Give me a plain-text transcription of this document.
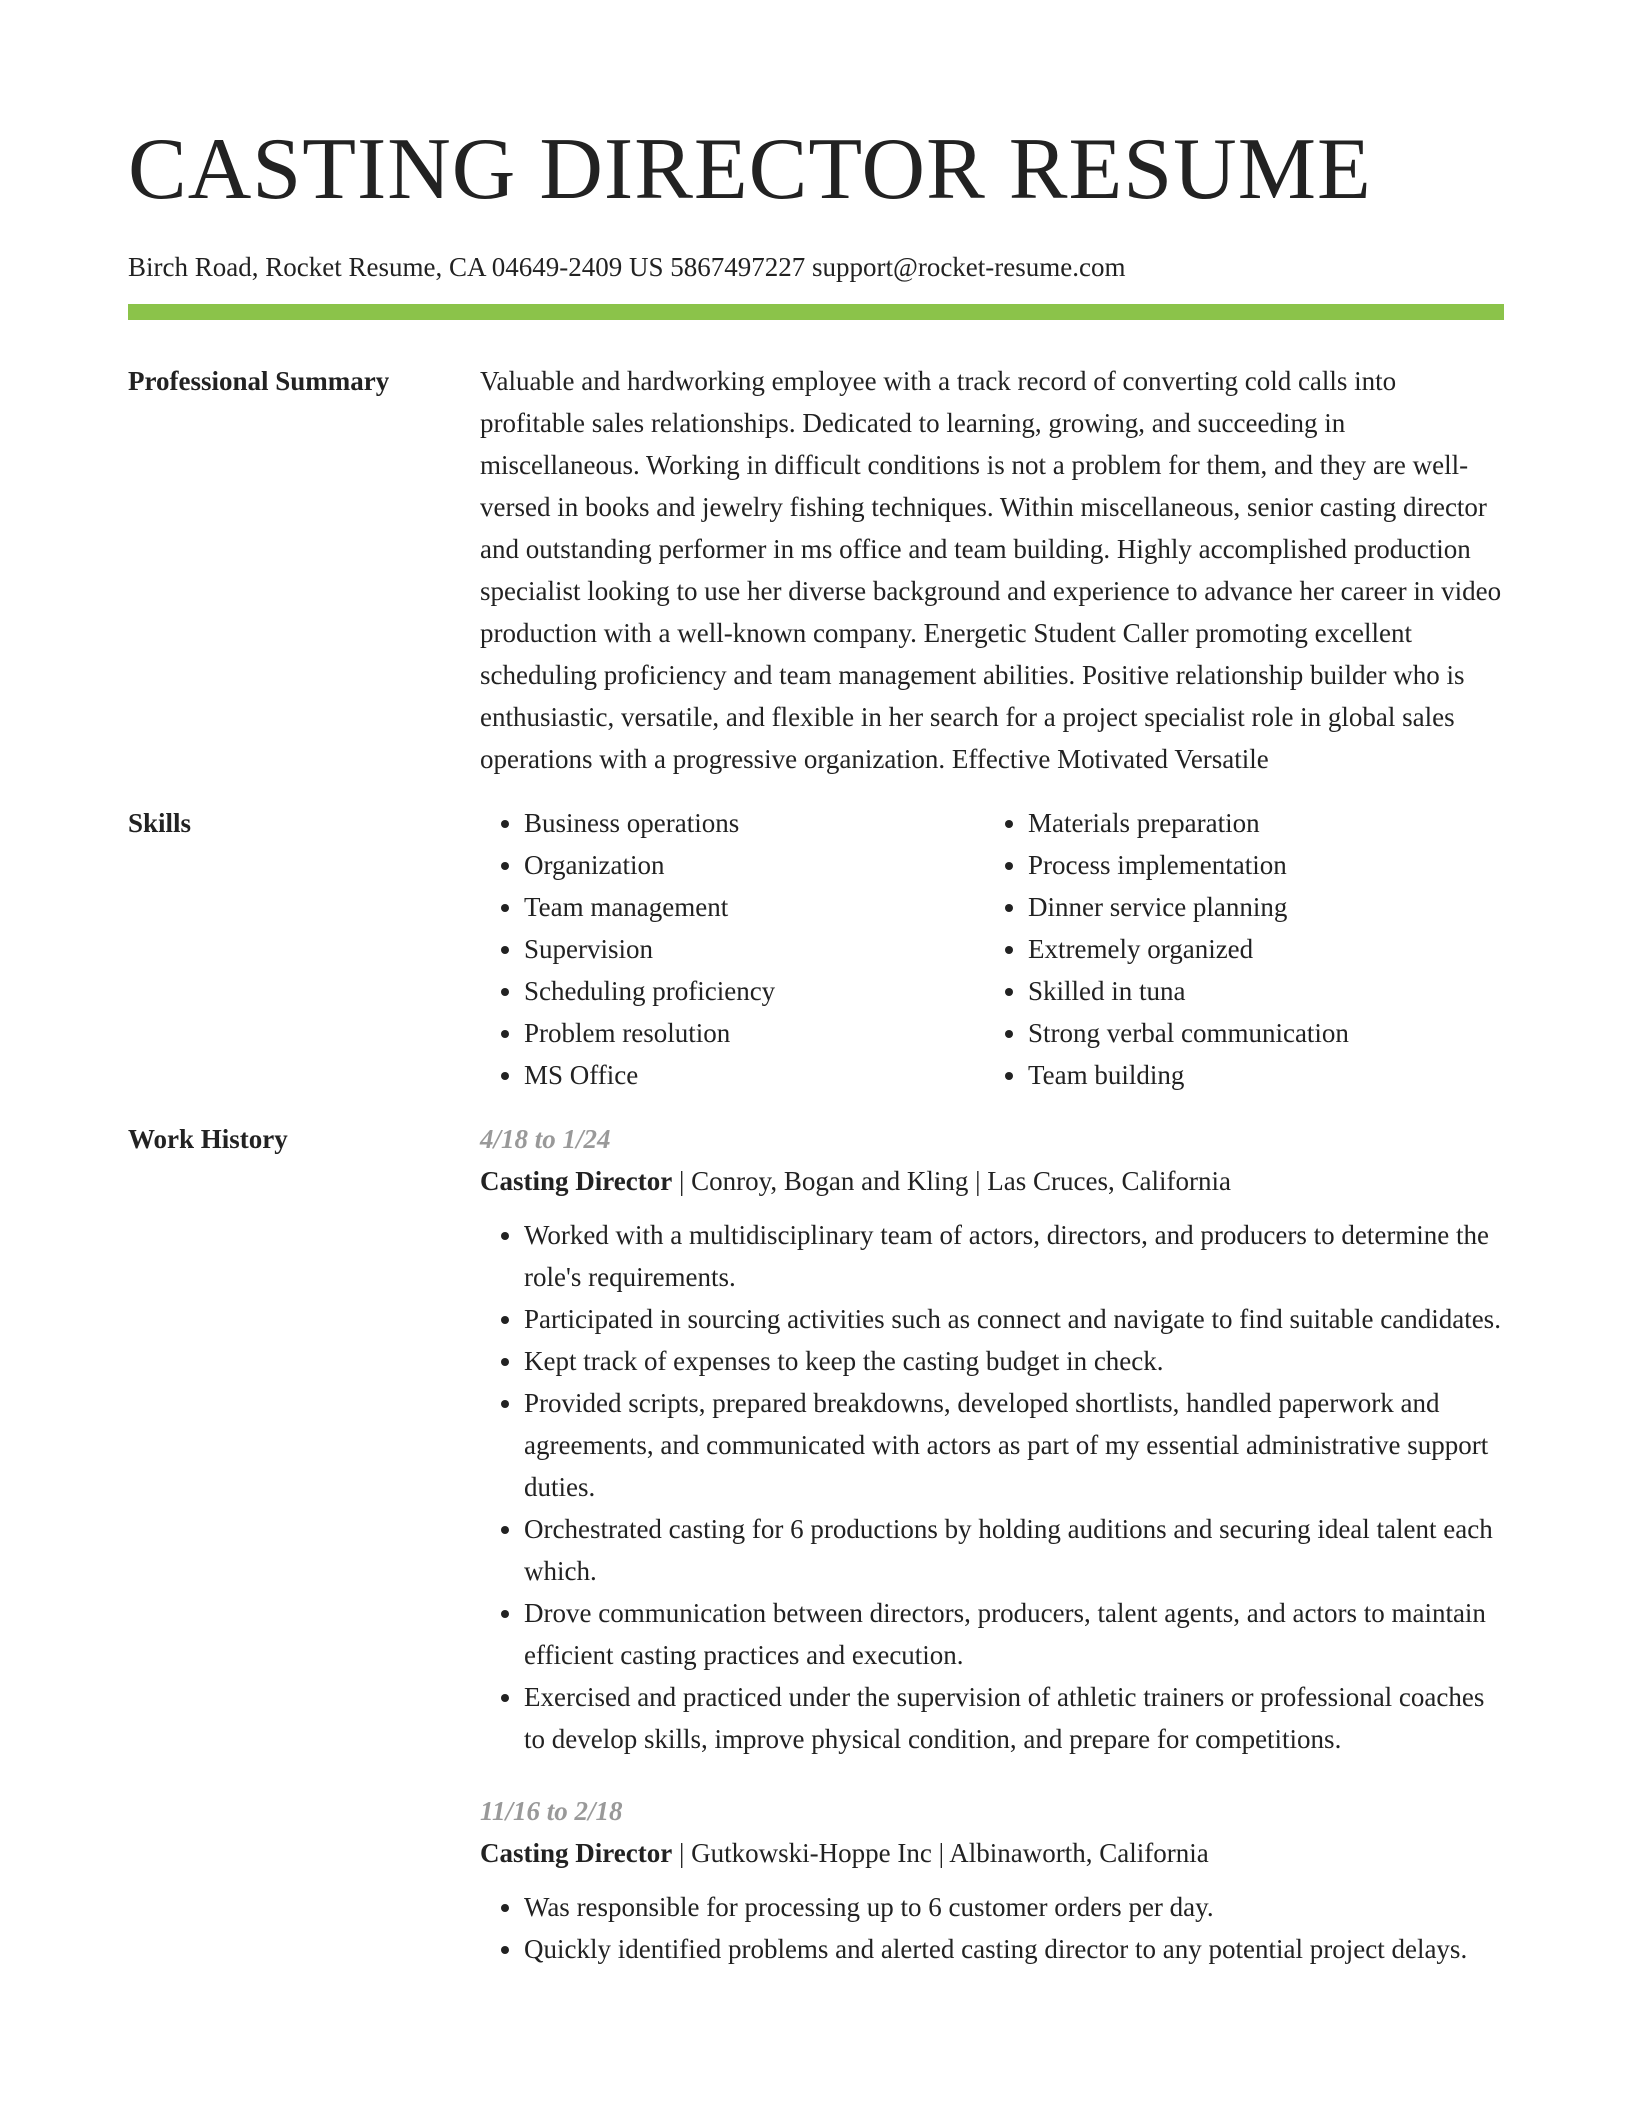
CASTING DIRECTOR RESUME
Birch Road, Rocket Resume, CA 04649-2409 US 5867497227 support@rocket-resume.com
Professional Summary	Valuable and hardworking employee with a track record of converting cold calls into profitable sales relationships. Dedicated to learning, growing, and succeeding in miscellaneous. Working in difficult conditions is not a problem for them, and they are well-versed in books and jewelry fishing techniques. Within miscellaneous, senior casting director and outstanding performer in ms office and team building. Highly accomplished production specialist looking to use her diverse background and experience to advance her career in video production with a well-known company. Energetic Student Caller promoting excellent scheduling proficiency and team management abilities. Positive relationship builder who is enthusiastic, versatile, and flexible in her search for a project specialist role in global sales operations with a progressive organization. Effective Motivated Versatile

Skills
•	Business operations
• Organization
• Team management
• Supervision
• Scheduling proficiency
• Problem resolution
• MS Office
• Materials preparation
• Process implementation
• Dinner service planning
• Extremely organized
• Skilled in tuna
• Strong verbal communication
• Team building
Work History	4/18 to 1/24
Casting Director | Conroy, Bogan and Kling | Las Cruces, California
• Worked with a multidisciplinary team of actors, directors, and producers to determine the role's requirements.
• Participated in sourcing activities such as connect and navigate to find suitable candidates.
• Kept track of expenses to keep the casting budget in check.
• Provided scripts, prepared breakdowns, developed shortlists, handled paperwork and agreements, and communicated with actors as part of my essential administrative support duties.
• Orchestrated casting for 6 productions by holding auditions and securing ideal talent each which.
• Drove communication between directors, producers, talent agents, and actors to maintain efficient casting practices and execution.
• Exercised and practiced under the supervision of athletic trainers or professional coaches to develop skills, improve physical condition, and prepare for competitions.
11/16 to 2/18
Casting Director | Gutkowski-Hoppe Inc | Albinaworth, California
• Was responsible for processing up to 6 customer orders per day.
• Quickly identified problems and alerted casting director to any potential project delays.
